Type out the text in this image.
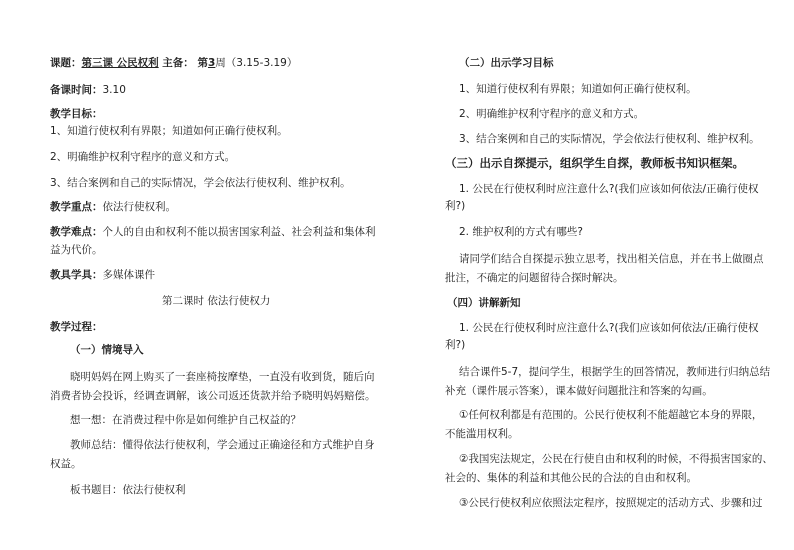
课题：第三课 公民权利 主备： 第3周（3.15-3.19）
备课时间：3.10
教学目标：
1、知道行使权利有界限；知道如何正确行使权利。
2、明确维护权利守程序的意义和方式。
3、结合案例和自己的实际情况，学会依法行使权利、维护权利。
教学重点：依法行使权利。
教学难点：个人的自由和权利不能以损害国家利益、社会利益和集体利
益为代价。
教具学具：多媒体课件
第二课时 依法行使权力
教学过程：
（一）情境导入
晓明妈妈在网上购买了一套座椅按摩垫，一直没有收到货，随后向
消费者协会投诉，经调查调解，该公司返还货款并给予晓明妈妈赔偿。
想一想：在消费过程中你是如何维护自己权益的？
教师总结：懂得依法行使权利，学会通过正确途径和方式维护自身
权益。
板书题目：依法行使权利
（二）出示学习目标
1、知道行使权利有界限；知道如何正确行使权利。
2、明确维护权利守程序的意义和方式。
3、结合案例和自己的实际情况，学会依法行使权利、维护权利。
（三）出示自探提示，组织学生自探，教师板书知识框架。
1. 公民在行使权利时应注意什么?(我们应该如何依法/正确行使权
利?)
2. 维护权利的方式有哪些?
请同学们结合自探提示独立思考，找出相关信息，并在书上做圈点
批注，不确定的问题留待合探时解决。
（四）讲解新知
1. 公民在行使权利时应注意什么?(我们应该如何依法/正确行使权
利?)
结合课件5-7，提问学生，根据学生的回答情况，教师进行归纳总结
补充（课件展示答案），课本做好问题批注和答案的勾画。
①任何权利都是有范围的。公民行使权利不能超越它本身的界限，
不能滥用权利。
②我国宪法规定，公民在行使自由和权利的时候，不得损害国家的、
社会的、集体的利益和其他公民的合法的自由和权利。
③公民行使权利应依照法定程序，按照规定的活动方式、步骤和过
